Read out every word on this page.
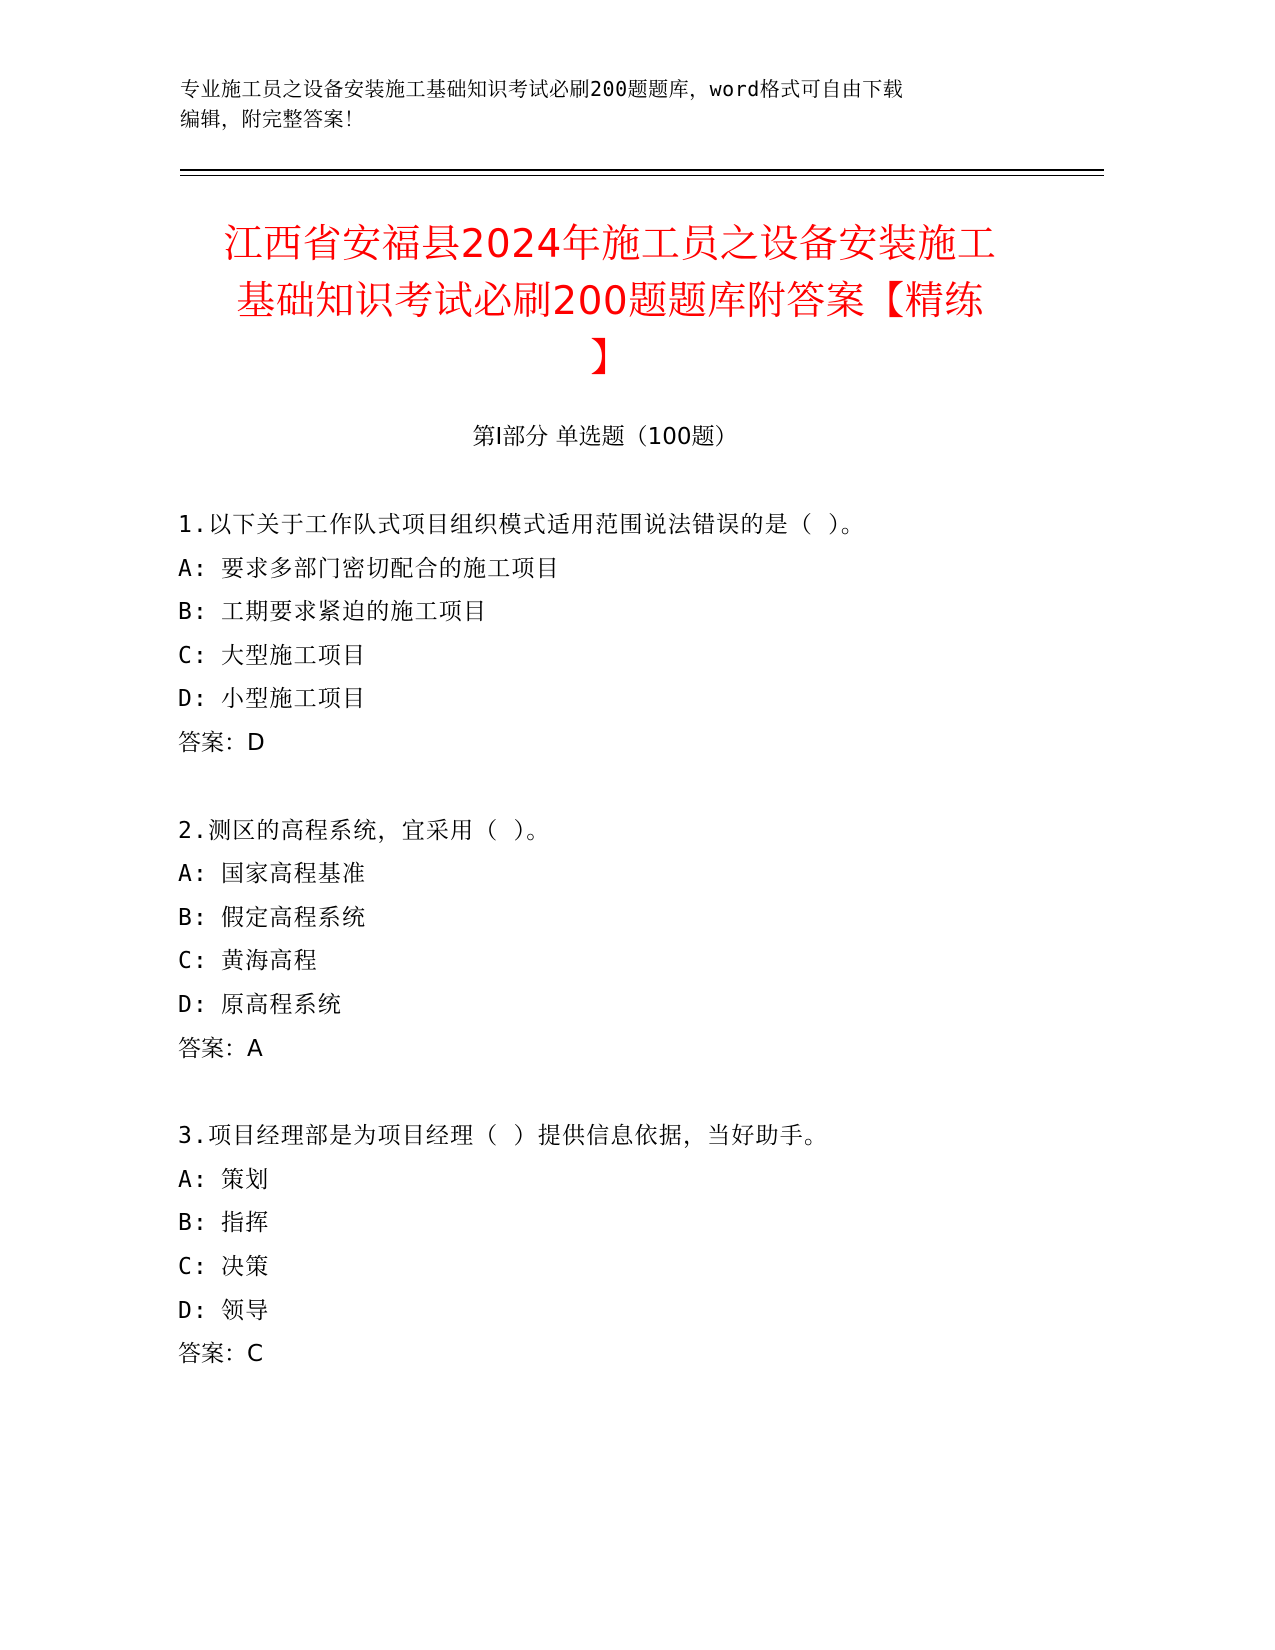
专业施工员之设备安装施工基础知识考试必刷200题题库，word格式可自由下载
编辑，附完整答案！
江西省安福县2024年施工员之设备安装施工
基础知识考试必刷200题题库附答案【精练
】
第Ⅰ部分 单选题（100题）
1.以下关于工作队式项目组织模式适用范围说法错误的是（ ）。
A: 要求多部门密切配合的施工项目
B: 工期要求紧迫的施工项目
C: 大型施工项目
D: 小型施工项目
答案：D
2.测区的高程系统，宜采用（ ）。
A: 国家高程基准
B: 假定高程系统
C: 黄海高程
D: 原高程系统
答案：A
3.项目经理部是为项目经理（ ）提供信息依据，当好助手。
A: 策划
B: 指挥
C: 决策
D: 领导
答案：C
